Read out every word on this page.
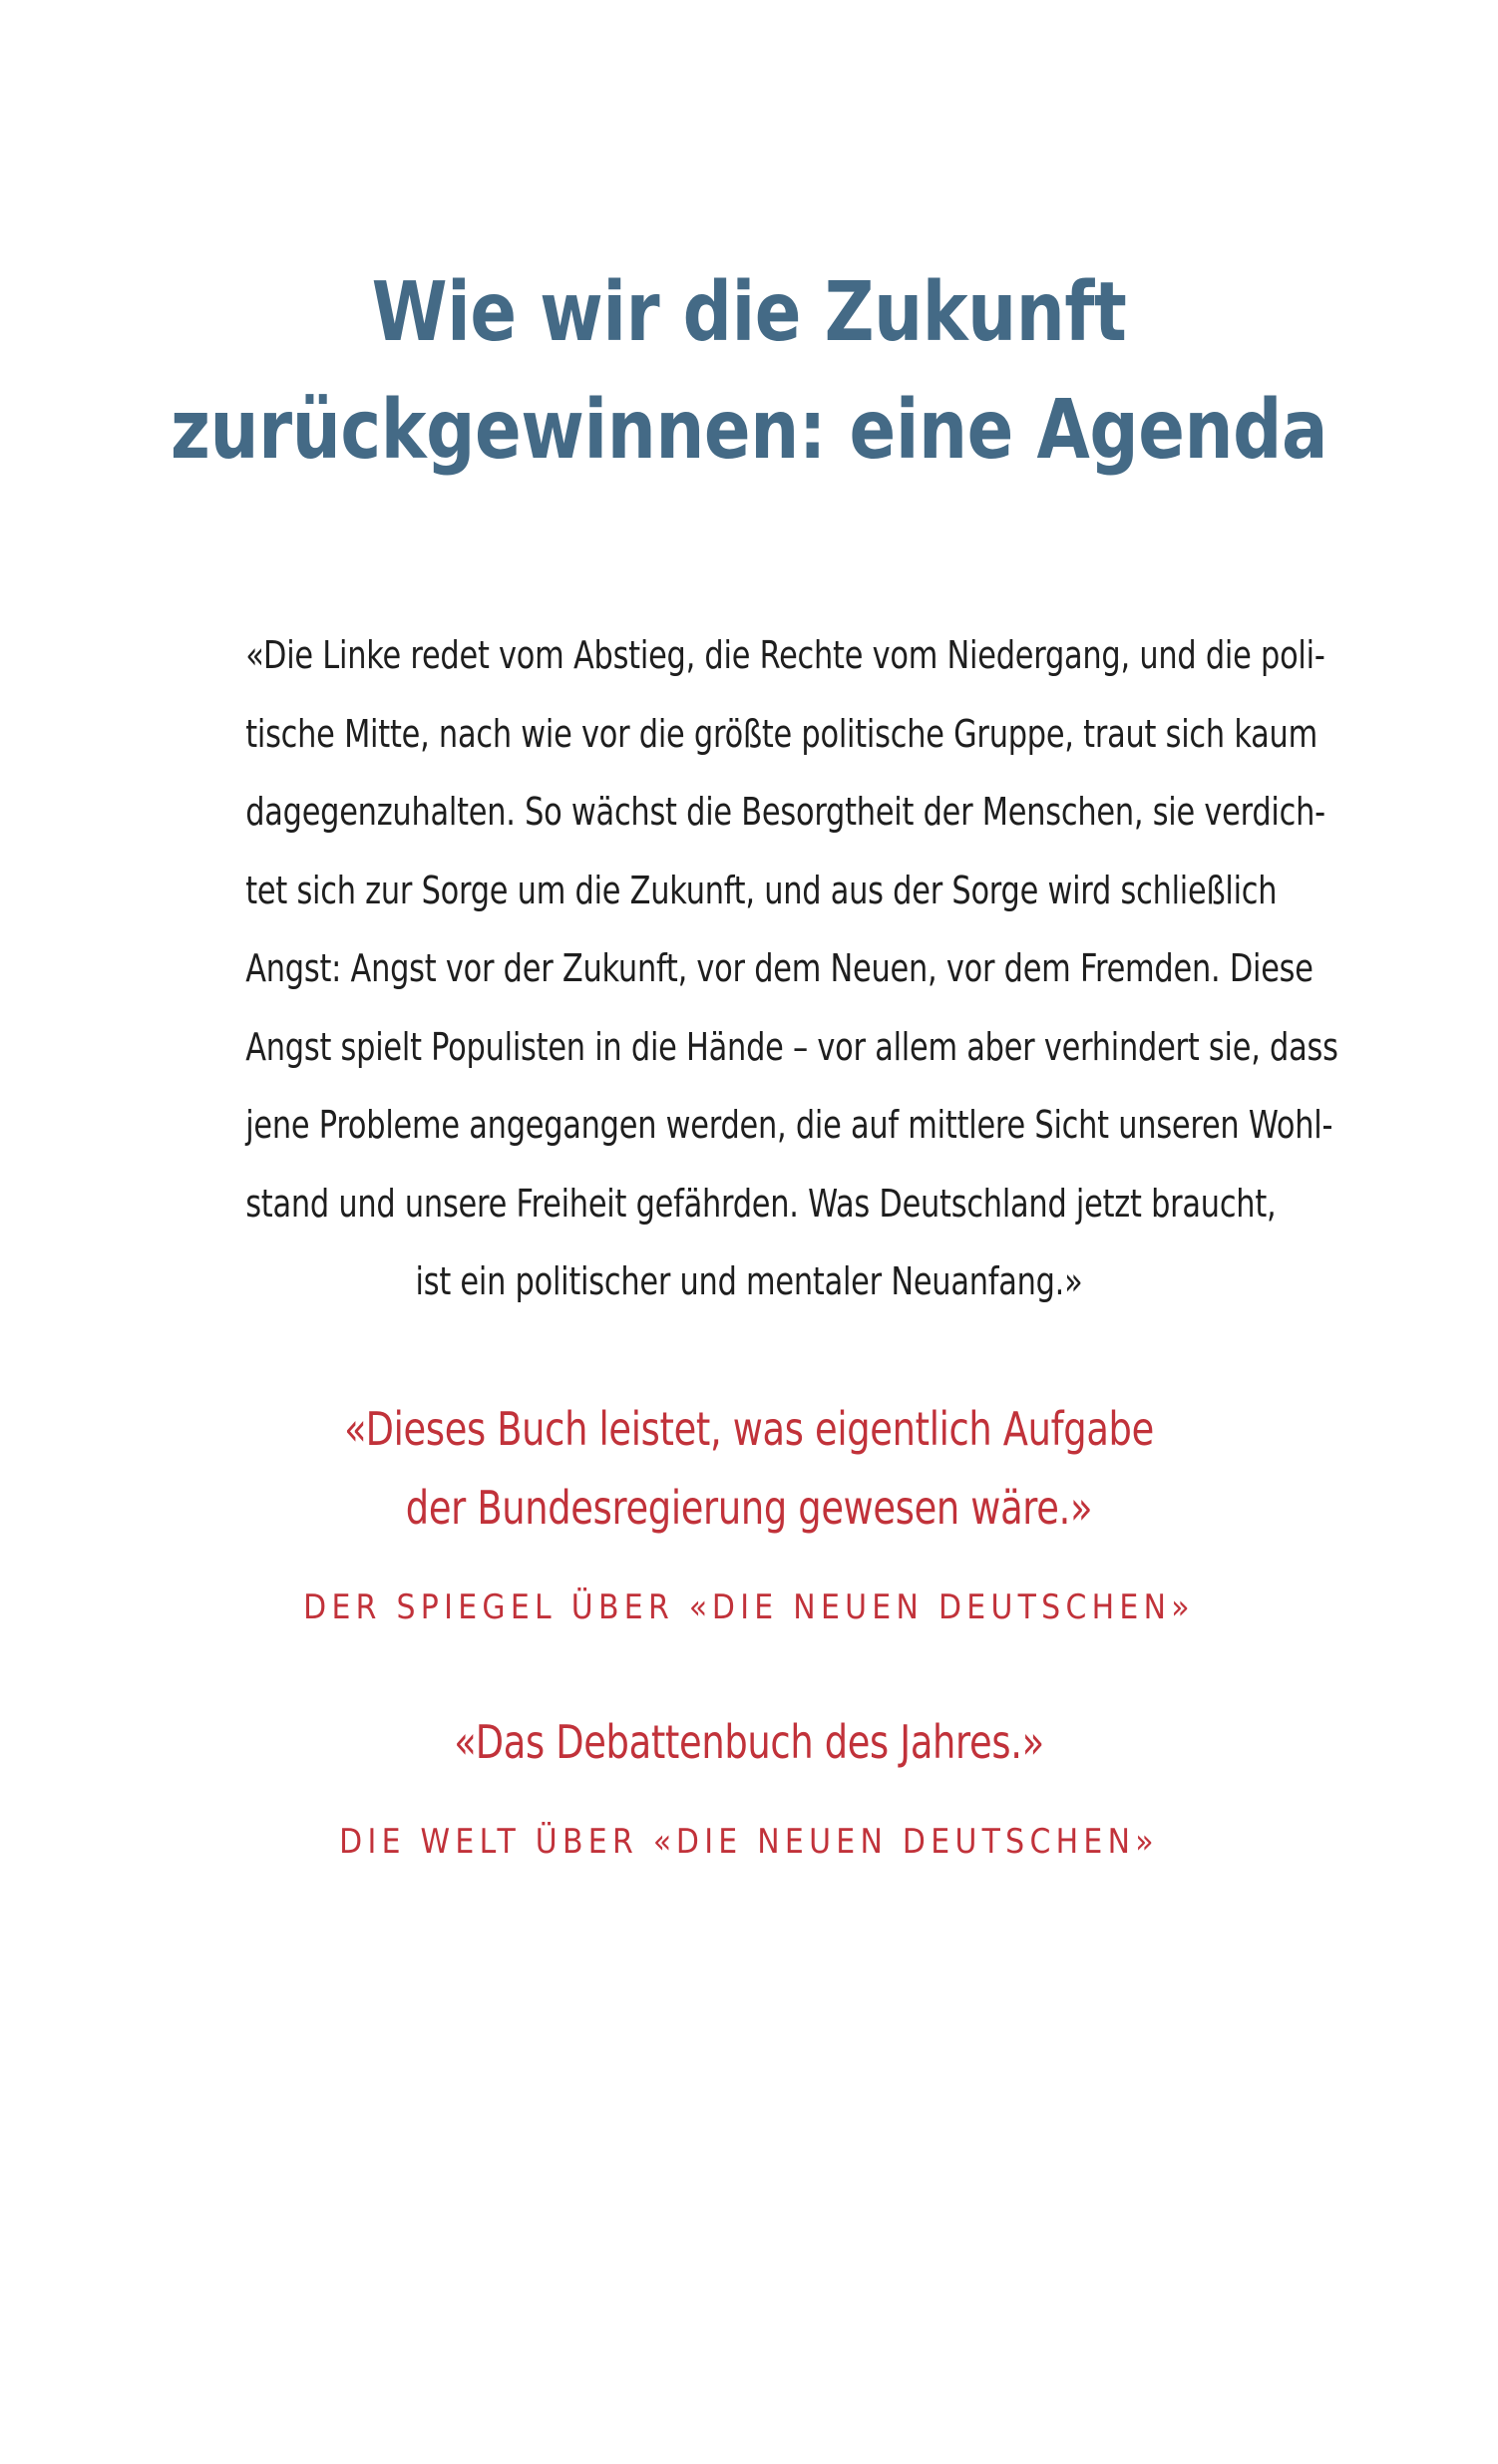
Wie wir die Zukunft
zurückgewinnen: eine Agenda
«Die Linke redet vom Abstieg, die Rechte vom Niedergang, und die poli-
tische Mitte, nach wie vor die größte politische Gruppe, traut sich kaum
dagegenzuhalten. So wächst die Besorgtheit der Menschen, sie verdich-
tet sich zur Sorge um die Zukunft, und aus der Sorge wird schließlich
Angst: Angst vor der Zukunft, vor dem Neuen, vor dem Fremden. Diese
Angst spielt Populisten in die Hände – vor allem aber verhindert sie, dass
jene Probleme angegangen werden, die auf mittlere Sicht unseren Wohl-
stand und unsere Freiheit gefährden. Was Deutschland jetzt braucht,
ist ein politischer und mentaler Neuanfang.»
«Dieses Buch leistet, was eigentlich Aufgabe
der Bundesregierung gewesen wäre.»
DER SPIEGEL ÜBER «DIE NEUEN DEUTSCHEN»
«Das Debattenbuch des Jahres.»
DIE WELT ÜBER «DIE NEUEN DEUTSCHEN»
